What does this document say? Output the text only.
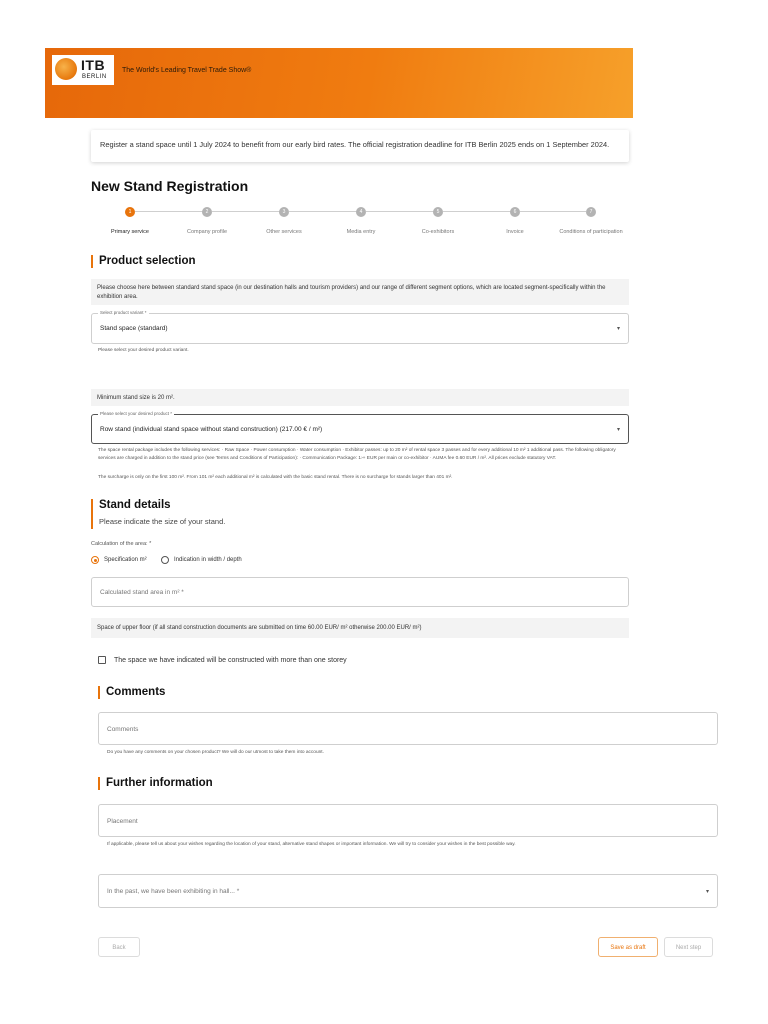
ITB
BERLIN
The World's Leading Travel Trade Show®
Register a stand space until 1 July 2024 to benefit from our early bird rates. The official registration deadline for ITB Berlin 2025 ends on 1 September 2024.
New Stand Registration
1	2	3	4	5	6	7
Primary service	Company profile	Other services	Media entry	Co-exhibitors	Invoice	Conditions of participation
Product selection
Please choose here between standard stand space (in our destination halls and tourism providers) and our range of different segment options, which are located segment-specifically within the exhibition area.
Select product variant *
Stand space (standard)	▾
Please select your desired product variant.
Minimum stand size is 20 m².
Please select your desired product *
Row stand (individual stand space without stand construction) (217.00 € / m²)	▾
The space rental package includes the following services: · Raw Space · Power consumption · Water consumption · Exhibitor passes: up to 20 m² of rental space 3 passes and for every additional 10 m² 1 additional pass. The following obligatory services are charged in addition to the stand price (see Terms and Conditions of Participation): · Communication Package: 1›+ EUR per main or co-exhibitor · AUMA fee 0.60 EUR / m². All prices exclude statutory VAT.
The surcharge is only on the first 100 m². From 101 m² each additional m² is calculated with the basic stand rental. There is no surcharge for stands larger than 401 m².
Stand details
Please indicate the size of your stand.
Calculation of the area: *
Specification m²	Indication in width / depth
Calculated stand area in m² *
Space of upper floor (if all stand construction documents are submitted on time 60.00 EUR/ m² otherwise 200.00 EUR/ m²)
The space we have indicated will be constructed with more than one storey
Comments
Comments
Do you have any comments on your chosen product? We will do our utmost to take them into account.
Further information
Placement
If applicable, please tell us about your wishes regarding the location of your stand, alternative stand shapes or important information. We will try to consider your wishes in the best possible way.
In the past, we have been exhibiting in hall... *	▾
Back	Save as draft	Next step
